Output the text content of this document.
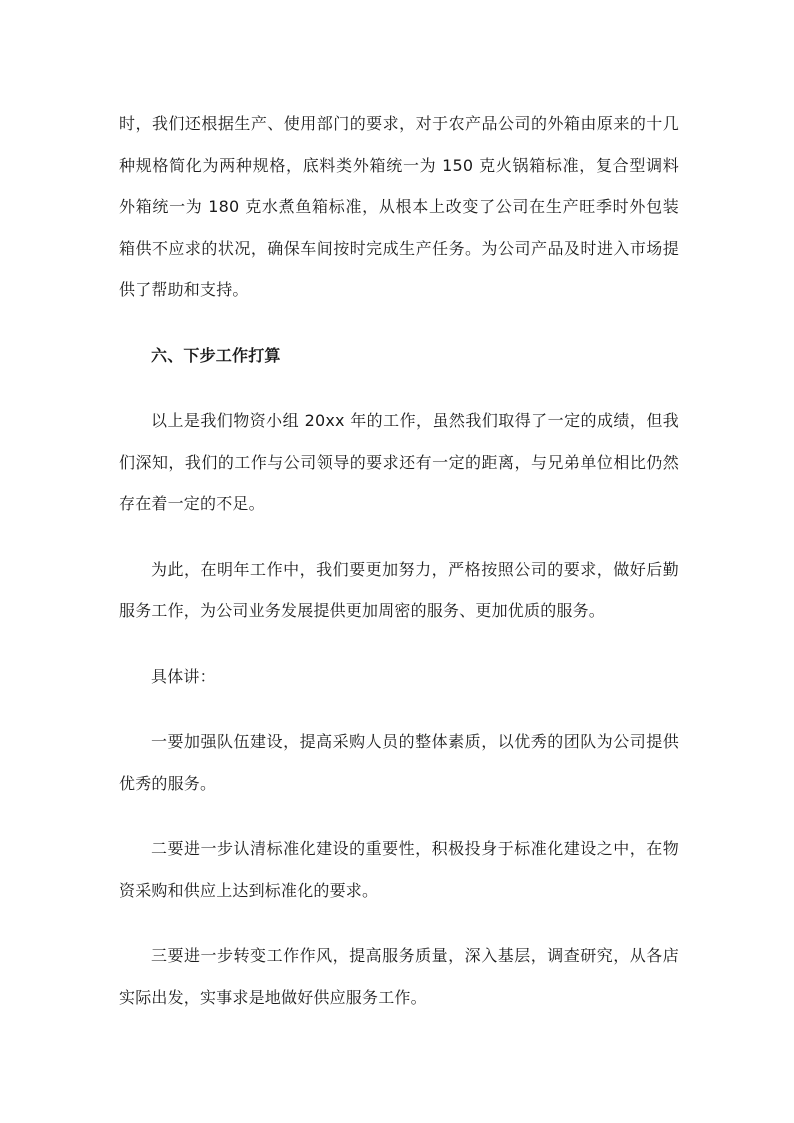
时，我们还根据生产、使用部门的要求，对于农产品公司的外箱由原来的十几种规格简化为两种规格，底料类外箱统一为 150 克火锅箱标准，复合型调料外箱统一为 180 克水煮鱼箱标准，从根本上改变了公司在生产旺季时外包装箱供不应求的状况，确保车间按时完成生产任务。为公司产品及时进入市场提供了帮助和支持。

六、下步工作打算

以上是我们物资小组 20xx 年的工作，虽然我们取得了一定的成绩，但我们深知，我们的工作与公司领导的要求还有一定的距离，与兄弟单位相比仍然存在着一定的不足。

为此，在明年工作中，我们要更加努力，严格按照公司的要求，做好后勤服务工作，为公司业务发展提供更加周密的服务、更加优质的服务。

具体讲：

一要加强队伍建设，提高采购人员的整体素质，以优秀的团队为公司提供优秀的服务。

二要进一步认清标准化建设的重要性，积极投身于标准化建设之中，在物资采购和供应上达到标准化的要求。

三要进一步转变工作作风，提高服务质量，深入基层，调查研究，从各店实际出发，实事求是地做好供应服务工作。
